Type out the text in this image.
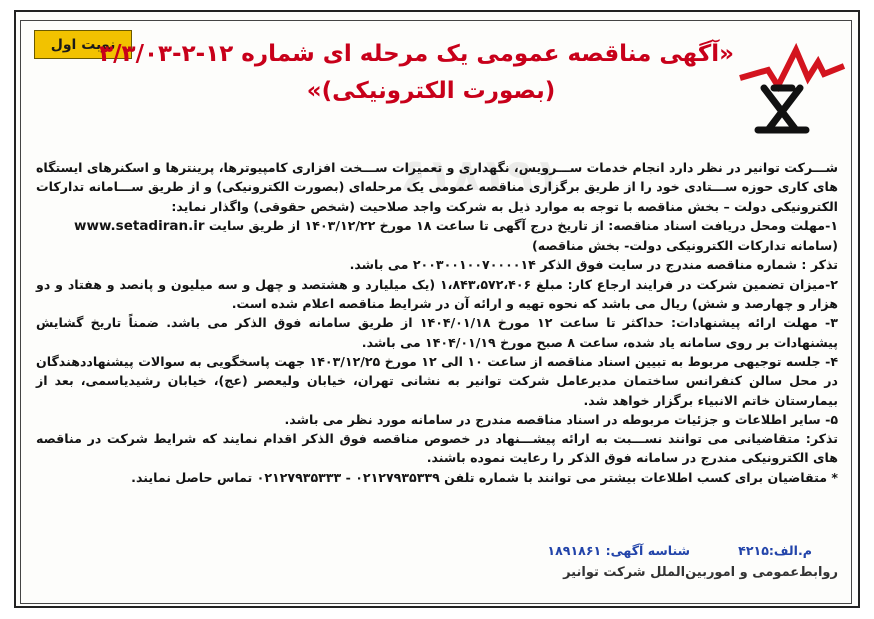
نوبت اول
«آگهی مناقصه عمومی یک مرحله ای شماره ۱۲-۲-۳/۳/۰۳
(بصورت الکترونیکی)»
۶۱۸۱۹۱

شـــرکت توانیر در نظر دارد انجام خدمات ســـرویس، نگهداری و تعمیرات ســـخت افزاری کامپیوترها، پرینترها و اسکنرهای ایستگاه های کاری حوزه ســـتادی خود را از طریق برگزاری مناقصه عمومی یک مرحله‌ای (بصورت الکترونیکی) و از طریق ســـامانه تدارکات الکترونیکی دولت – بخش مناقصه با توجه به موارد ذیل به شرکت واجد صلاحیت (شخص حقوقی) واگذار نماید:

۱-مهلت ومحل دریافت اسناد مناقصه: از تاریخ درج آگهی تا ساعت ۱۸ مورخ ۱۴۰۳/۱۲/۲۲ از طریق سایت www.setadiran.ir

(سامانه تدارکات الکترونیکی دولت- بخش مناقصه)

تذکر : شماره مناقصه مندرج در سایت فوق الذکر ۲۰۰۳۰۰۱۰۰۷۰۰۰۰۱۴ می باشد.

۲-میزان تضمین شرکت در فرایند ارجاع کار: مبلغ ۱،۸۴۳،۵۷۲،۴۰۶ (یک میلیارد و هشتصد و چهل و سه میلیون و پانصد و هفتاد و دو هزار و چهارصد و شش) ریال می باشد که نحوه تهیه و ارائه آن در شرایط مناقصه اعلام شده است.

۳- مهلت ارائه پیشنهادات: حداکثر تا ساعت ۱۲ مورخ ۱۴۰۴/۰۱/۱۸ از طریق سامانه فوق الذکر می باشد. ضمناً تاریخ گشایش پیشنهادات بر روی سامانه یاد شده، ساعت ۸ صبح مورخ ۱۴۰۴/۰۱/۱۹ می باشد.

۴- جلسه توجیهی مربوط به تبیین اسناد مناقصه از ساعت ۱۰ الی ۱۲ مورخ ۱۴۰۳/۱۲/۲۵ جهت پاسخگویی به سوالات پیشنهاددهندگان در محل سالن کنفرانس ساختمان مدیرعامل شرکت توانیر به نشانی تهران، خیابان ولیعصر (عج)، خیابان رشیدیاسمی، بعد از بیمارستان خاتم الانبیاء برگزار خواهد شد.

۵- سایر اطلاعات و جزئیات مربوطه در اسناد مناقصه مندرج در سامانه مورد نظر می باشد.

تذکر: متقاضیانی می توانند نســـبت به ارائه پیشـــنهاد در خصوص مناقصه فوق الذکر اقدام نمایند که شرایط شرکت در مناقصه های الکترونیکی مندرج در سامانه فوق الذکر را رعایت نموده باشند.

* متقاضیان برای کسب اطلاعات بیشتر می توانند با شماره تلفن ۰۲۱۲۷۹۳۵۳۳۹ - ۰۲۱۲۷۹۳۵۳۳۳ تماس حاصل نمایند.

م.الف:۴۲۱۵
شناسه آگهی: ۱۸۹۱۸۶۱
روابط‌عمومی و اموربین‌الملل شرکت توانیر
